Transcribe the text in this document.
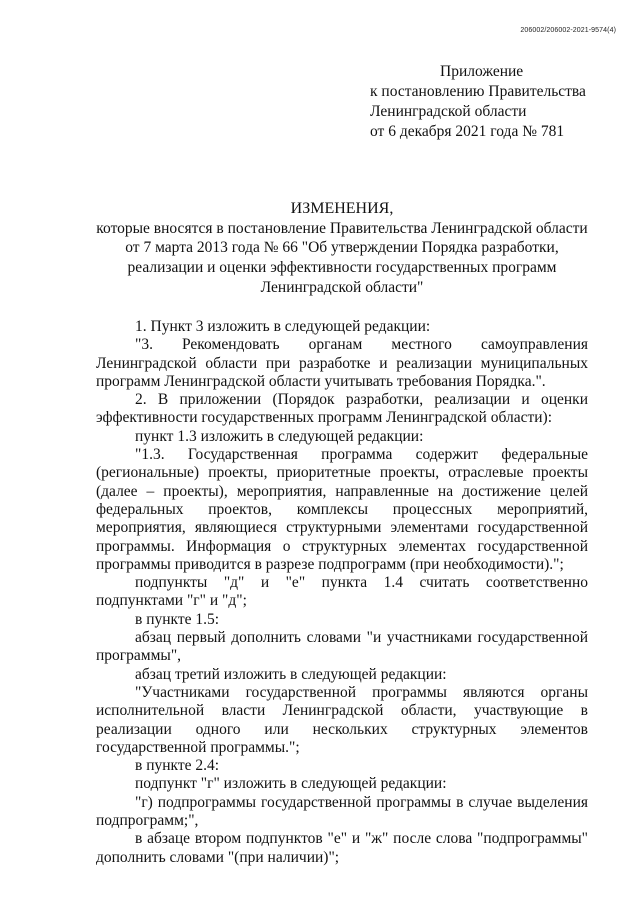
206002/206002-2021-9574(4)
Приложение
к постановлению Правительства
Ленинградской области
от 6 декабря 2021 года № 781
ИЗМЕНЕНИЯ,
которые вносятся в постановление Правительства Ленинградской области
от 7 марта 2013 года № 66 "Об утверждении Порядка разработки,
реализации и оценки эффективности государственных программ
Ленинградской области"

1. Пункт 3 изложить в следующей редакции:

"3. Рекомендовать органам местного самоуправления Ленинградской области при разработке и реализации муниципальных программ Ленинградской области учитывать требования Порядка.".

2. В приложении (Порядок разработки, реализации и оценки эффективности государственных программ Ленинградской области):

пункт 1.3 изложить в следующей редакции:

"1.3. Государственная программа содержит федеральные (региональные) проекты, приоритетные проекты, отраслевые проекты (далее – проекты), мероприятия, направленные на достижение целей федеральных проектов, комплексы процессных мероприятий, мероприятия, являющиеся структурными элементами государственной программы. Информация о структурных элементах государственной программы приводится в разрезе подпрограмм (при необходимости).";

подпункты "д" и "е" пункта 1.4 считать соответственно подпунктами "г" и "д";

в пункте 1.5:

абзац первый дополнить словами "и участниками государственной программы",

абзац третий изложить в следующей редакции:

"Участниками государственной программы являются органы исполнительной власти Ленинградской области, участвующие в реализации одного или нескольких структурных элементов государственной программы.";

в пункте 2.4:

подпункт "г" изложить в следующей редакции:

"г) подпрограммы государственной программы в случае выделения подпрограмм;",

в абзаце втором подпунктов "е" и "ж" после слова "подпрограммы" дополнить словами "(при наличии)";
